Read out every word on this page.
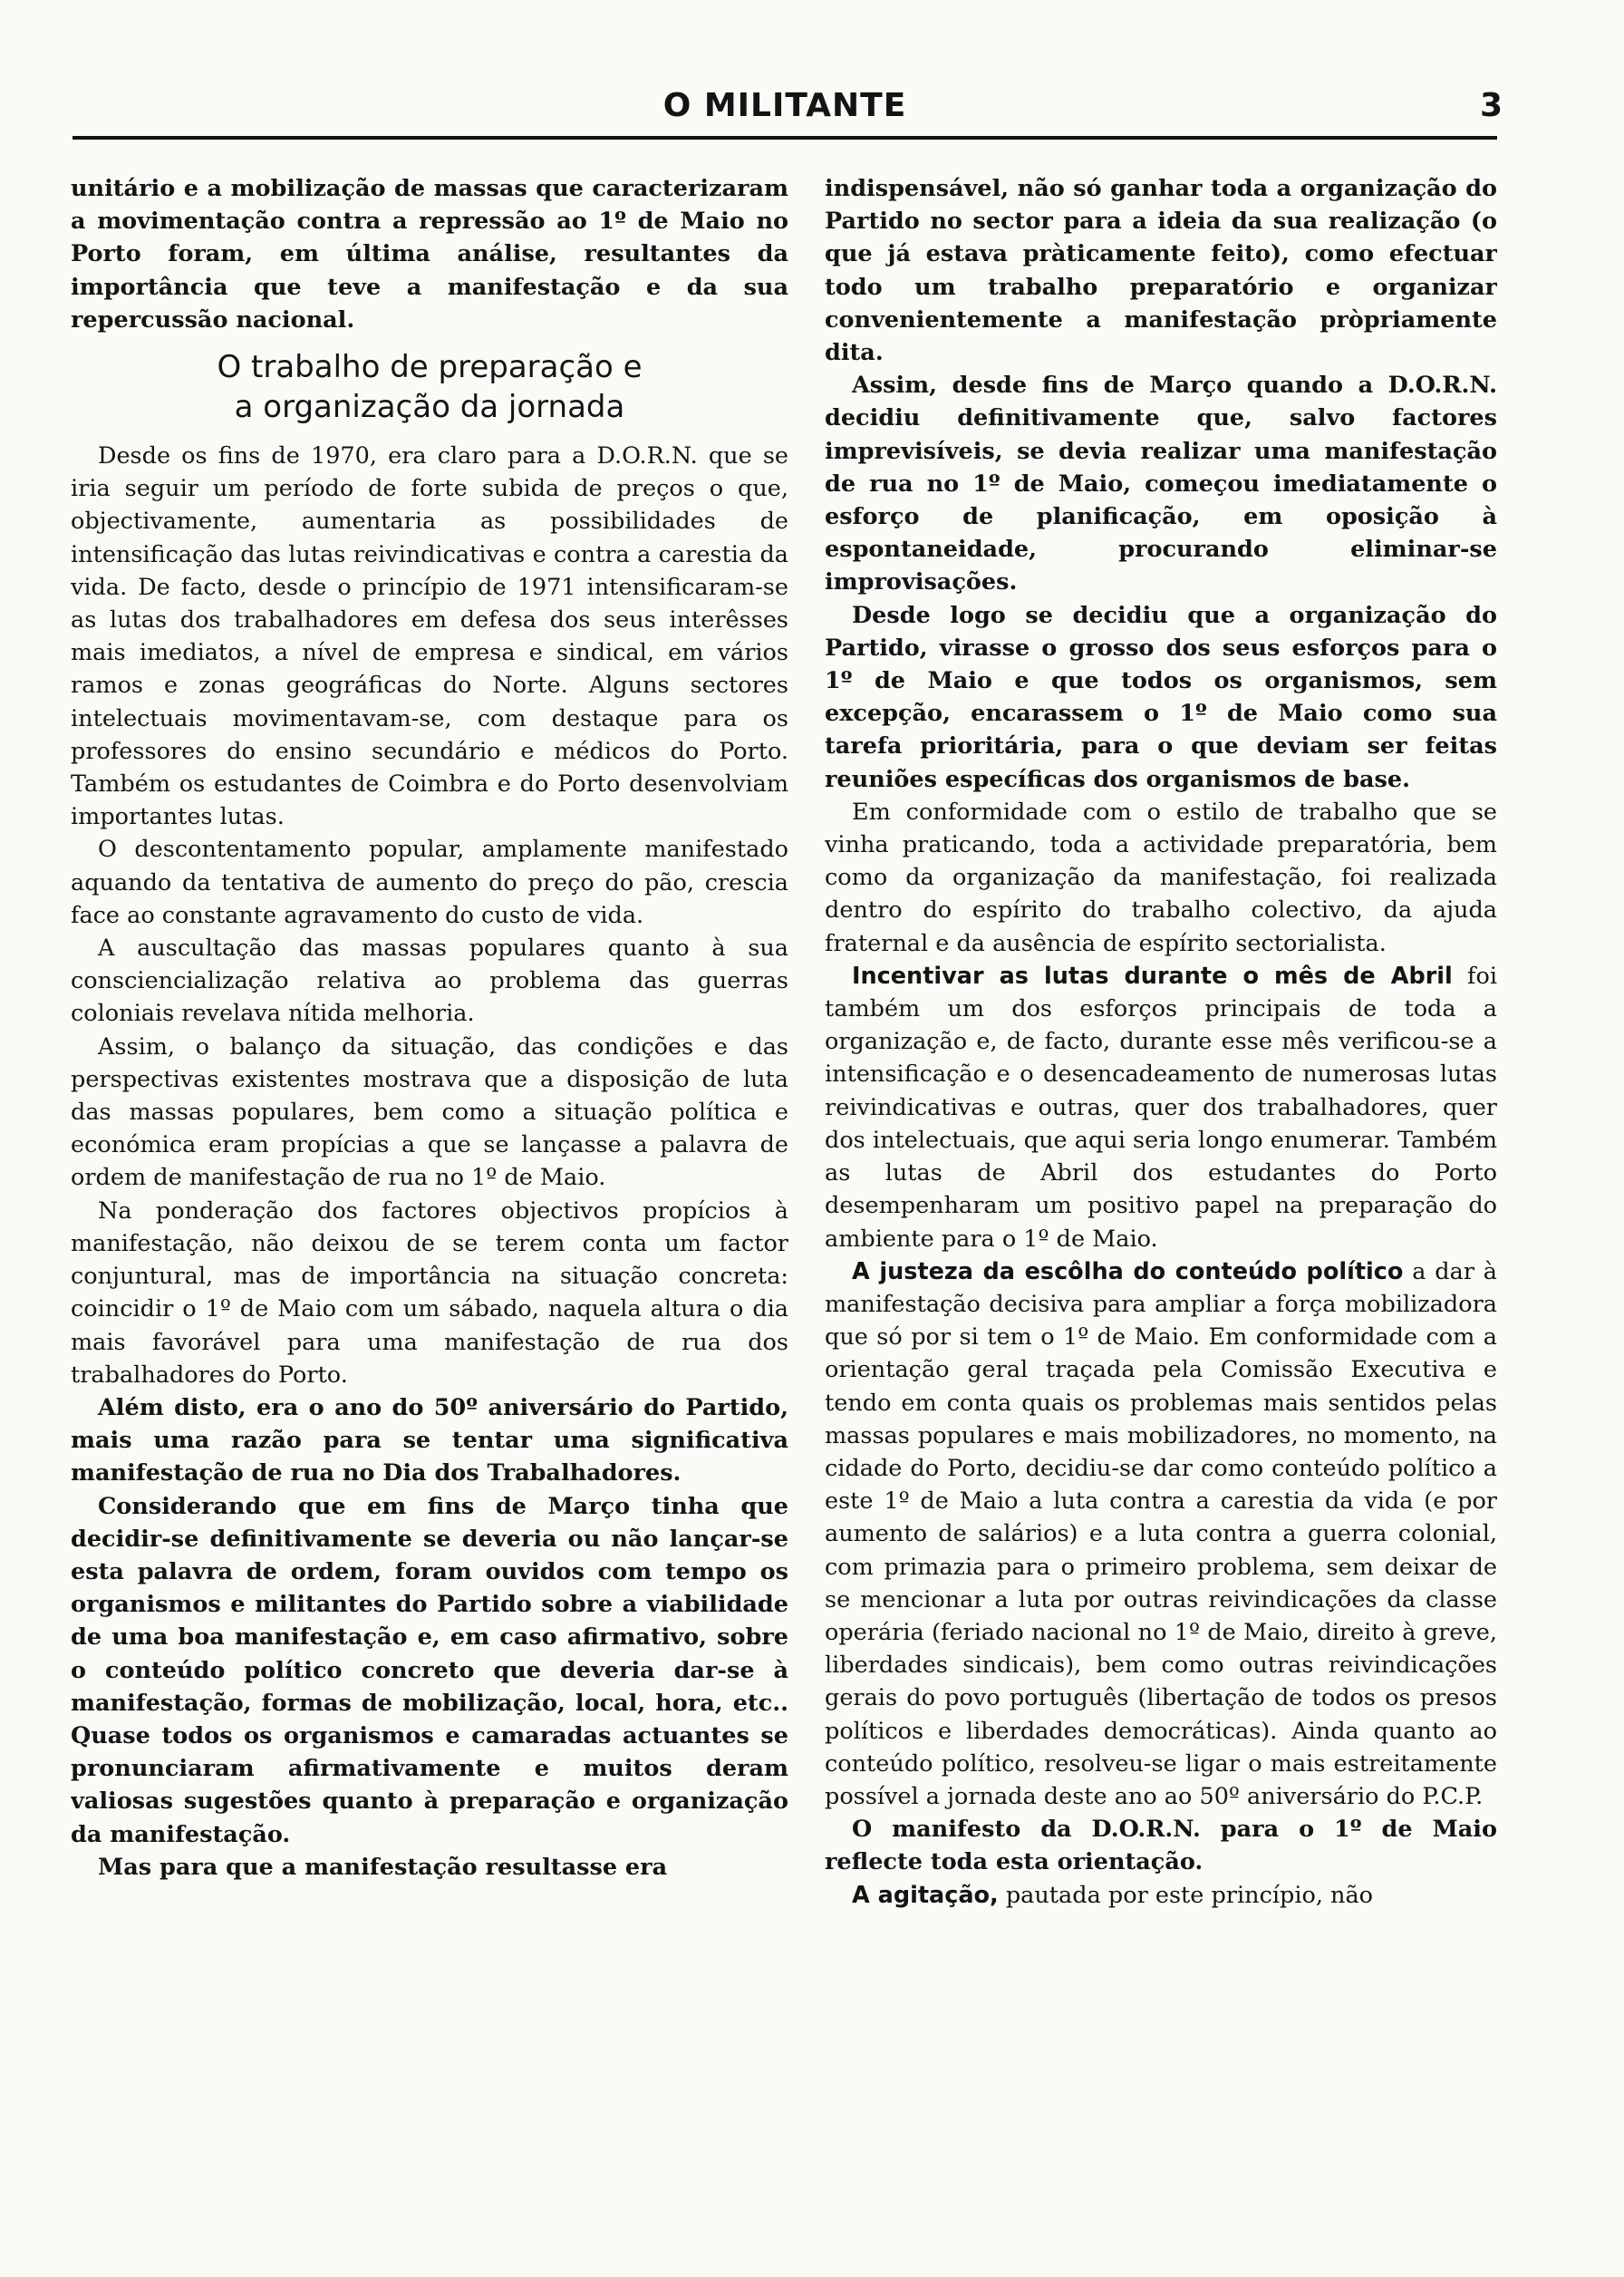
O MILITANTE	3

unitário e a mobilização de massas que caracterizaram a movimentação contra a repressão ao 1º de Maio no Porto foram, em última análise, resultantes da importância que teve a manifestação e da sua repercussão nacional.

O trabalho de preparação e
a organização da jornada

Desde os fins de 1970, era claro para a D.O.R.N. que se iria seguir um período de forte subida de preços o que, objectivamente, aumentaria as possibilidades de intensificação das lutas reivindicativas e contra a carestia da vida. De facto, desde o princípio de 1971 intensificaram-se as lutas dos trabalhadores em defesa dos seus interêsses mais imediatos, a nível de empresa e sindical, em vários ramos e zonas geográficas do Norte. Alguns sectores intelectuais movimentavam-se, com destaque para os professores do ensino secundário e médicos do Porto. Também os estudantes de Coimbra e do Porto desenvolviam importantes lutas.

O descontentamento popular, amplamente manifestado aquando da tentativa de aumento do preço do pão, crescia face ao constante agravamento do custo de vida.

A auscultação das massas populares quanto à sua consciencialização relativa ao problema das guerras coloniais revelava nítida melhoria.

Assim, o balanço da situação, das condições e das perspectivas existentes mostrava que a disposição de luta das massas populares, bem como a situação política e económica eram propícias a que se lançasse a palavra de ordem de manifestação de rua no 1º de Maio.

Na ponderação dos factores objectivos propícios à manifestação, não deixou de se terem conta um factor conjuntural, mas de importância na situação concreta: coincidir o 1º de Maio com um sábado, naquela altura o dia mais favorável para uma manifestação de rua dos trabalhadores do Porto.

Além disto, era o ano do 50º aniversário do Partido, mais uma razão para se tentar uma significativa manifestação de rua no Dia dos Trabalhadores.

Considerando que em fins de Março tinha que decidir-se definitivamente se deveria ou não lançar-se esta palavra de ordem, foram ouvidos com tempo os organismos e militantes do Partido sobre a viabilidade de uma boa manifestação e, em caso afirmativo, sobre o conteúdo político concreto que deveria dar-se à manifestação, formas de mobilização, local, hora, etc.. Quase todos os organismos e camaradas actuantes se pronunciaram afirmativamente e muitos deram valiosas sugestões quanto à preparação e organização da manifestação.

Mas para que a manifestação resultasse era

indispensável, não só ganhar toda a organização do Partido no sector para a ideia da sua realização (o que já estava pràticamente feito), como efectuar todo um trabalho preparatório e organizar convenientemente a manifestação pròpriamente dita.

Assim, desde fins de Março quando a D.O.R.N. decidiu definitivamente que, salvo factores imprevisíveis, se devia realizar uma manifestação de rua no 1º de Maio, começou imediatamente o esforço de planificação, em oposição à espontaneidade, procurando eliminar-se improvisações.

Desde logo se decidiu que a organização do Partido, virasse o grosso dos seus esforços para o 1º de Maio e que todos os organismos, sem excepção, encarassem o 1º de Maio como sua tarefa prioritária, para o que deviam ser feitas reuniões específicas dos organismos de base.

Em conformidade com o estilo de trabalho que se vinha praticando, toda a actividade preparatória, bem como da organização da manifestação, foi realizada dentro do espírito do trabalho colectivo, da ajuda fraternal e da ausência de espírito sectorialista.

Incentivar as lutas durante o mês de Abril foi também um dos esforços principais de toda a organização e, de facto, durante esse mês verificou-se a intensificação e o desencadeamento de numerosas lutas reivindicativas e outras, quer dos trabalhadores, quer dos intelectuais, que aqui seria longo enumerar. Também as lutas de Abril dos estudantes do Porto desempenharam um positivo papel na preparação do ambiente para o 1º de Maio.

A justeza da escôlha do conteúdo político a dar à manifestação decisiva para ampliar a força mobilizadora que só por si tem o 1º de Maio. Em conformidade com a orientação geral traçada pela Comissão Executiva e tendo em conta quais os problemas mais sentidos pelas massas populares e mais mobilizadores, no momento, na cidade do Porto, decidiu-se dar como conteúdo político a este 1º de Maio a luta contra a carestia da vida (e por aumento de salários) e a luta contra a guerra colonial, com primazia para o primeiro problema, sem deixar de se mencionar a luta por outras reivindicações da classe operária (feriado nacional no 1º de Maio, direito à greve, liberdades sindicais), bem como outras reivindicações gerais do povo português (libertação de todos os presos políticos e liberdades democráticas). Ainda quanto ao conteúdo político, resolveu-se ligar o mais estreitamente possível a jornada deste ano ao 50º aniversário do P.C.P.

O manifesto da D.O.R.N. para o 1º de Maio reflecte toda esta orientação.

A agitação, pautada por este princípio, não
